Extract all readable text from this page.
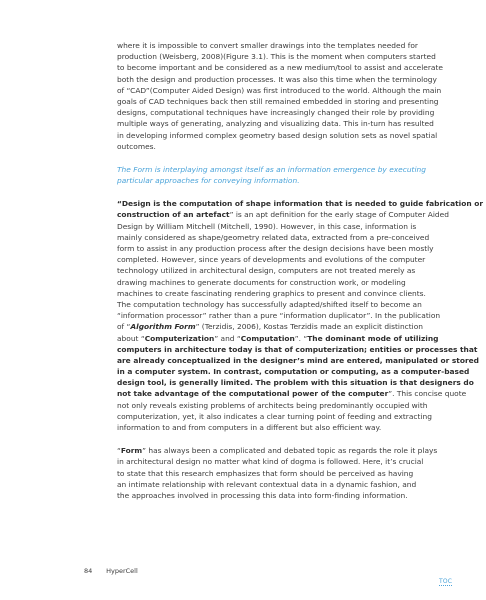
where it is impossible to convert smaller drawings into the templates needed for
production (Weisberg, 2008)(Figure 3.1). This is the moment when computers started
to become important and be considered as a new medium/tool to assist and accelerate
both the design and production processes. It was also this time when the terminology
of “CAD”(Computer Aided Design) was first introduced to the world. Although the main
goals of CAD techniques back then still remained embedded in storing and presenting
designs, computational techniques have increasingly changed their role by providing
multiple ways of generating, analyzing and visualizing data. This in-turn has resulted
in developing informed complex geometry based design solution sets as novel spatial
outcomes.

The Form is interplaying amongst itself as an information emergence by executing
particular approaches for conveying information.

“Design is the computation of shape information that is needed to guide fabrication or
construction of an artefact” is an apt definition for the early stage of Computer Aided
Design by William Mitchell (Mitchell, 1990). However, in this case, information is
mainly considered as shape/geometry related data, extracted from a pre-conceived
form to assist in any production process after the design decisions have been mostly
completed. However, since years of developments and evolutions of the computer
technology utilized in architectural design, computers are not treated merely as
drawing machines to generate documents for construction work, or modeling
machines to create fascinating rendering graphics to present and convince clients.
The computation technology has successfully adapted/shifted itself to become an
“information processor” rather than a pure “information duplicator”. In the publication
of “Algorithm Form” (Terzidis, 2006), Kostas Terzidis made an explicit distinction
about “Computerization” and “Computation”. “The dominant mode of utilizing
computers in architecture today is that of computerization; entities or processes that
are already conceptualized in the designer’s mind are entered, manipulated or stored
in a computer system. In contrast, computation or computing, as a computer-based
design tool, is generally limited. The problem with this situation is that designers do
not take advantage of the computational power of the computer”. This concise quote
not only reveals existing problems of architects being predominantly occupied with
computerization, yet, it also indicates a clear turning point of feeding and extracting
information to and from computers in a different but also efficient way.

“Form” has always been a complicated and debated topic as regards the role it plays
in architectural design no matter what kind of dogma is followed. Here, it’s crucial
to state that this research emphasizes that form should be perceived as having
an intimate relationship with relevant contextual data in a dynamic fashion, and
the approaches involved in processing this data into form-finding information.

84 HyperCell
TOC
